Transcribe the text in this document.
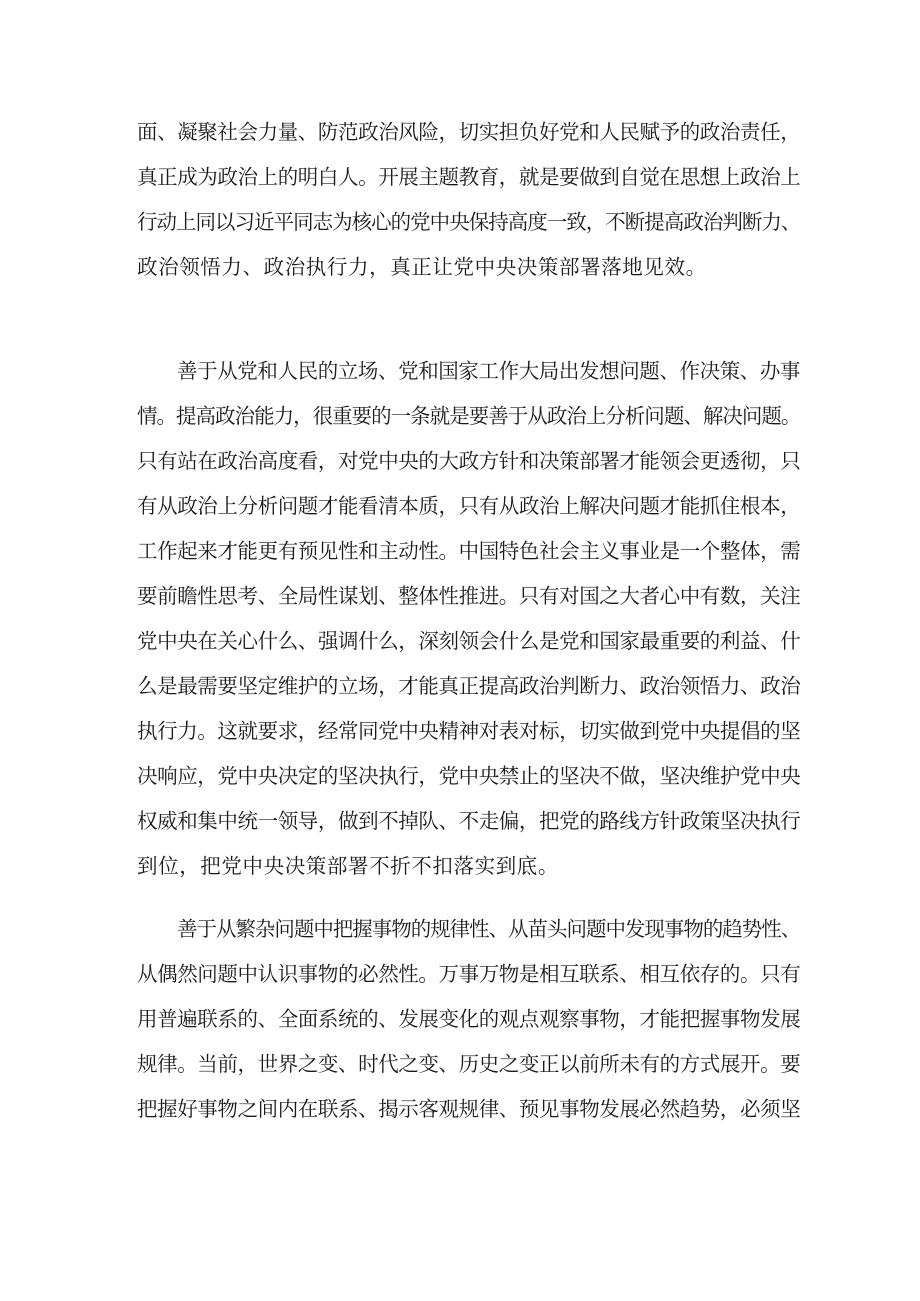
面、凝聚社会力量、防范政治风险，切实担负好党和人民赋予的政治责任，
真正成为政治上的明白人。开展主题教育，就是要做到自觉在思想上政治上
行动上同以习近平同志为核心的党中央保持高度一致，不断提高政治判断力、
政治领悟力、政治执行力，真正让党中央决策部署落地见效。
善于从党和人民的立场、党和国家工作大局出发想问题、作决策、办事
情。提高政治能力，很重要的一条就是要善于从政治上分析问题、解决问题。
只有站在政治高度看，对党中央的大政方针和决策部署才能领会更透彻，只
有从政治上分析问题才能看清本质，只有从政治上解决问题才能抓住根本，
工作起来才能更有预见性和主动性。中国特色社会主义事业是一个整体，需
要前瞻性思考、全局性谋划、整体性推进。只有对国之大者心中有数，关注
党中央在关心什么、强调什么，深刻领会什么是党和国家最重要的利益、什
么是最需要坚定维护的立场，才能真正提高政治判断力、政治领悟力、政治
执行力。这就要求，经常同党中央精神对表对标，切实做到党中央提倡的坚
决响应，党中央决定的坚决执行，党中央禁止的坚决不做，坚决维护党中央
权威和集中统一领导，做到不掉队、不走偏，把党的路线方针政策坚决执行
到位，把党中央决策部署不折不扣落实到底。
善于从繁杂问题中把握事物的规律性、从苗头问题中发现事物的趋势性、
从偶然问题中认识事物的必然性。万事万物是相互联系、相互依存的。只有
用普遍联系的、全面系统的、发展变化的观点观察事物，才能把握事物发展
规律。当前，世界之变、时代之变、历史之变正以前所未有的方式展开。要
把握好事物之间内在联系、揭示客观规律、预见事物发展必然趋势，必须坚
